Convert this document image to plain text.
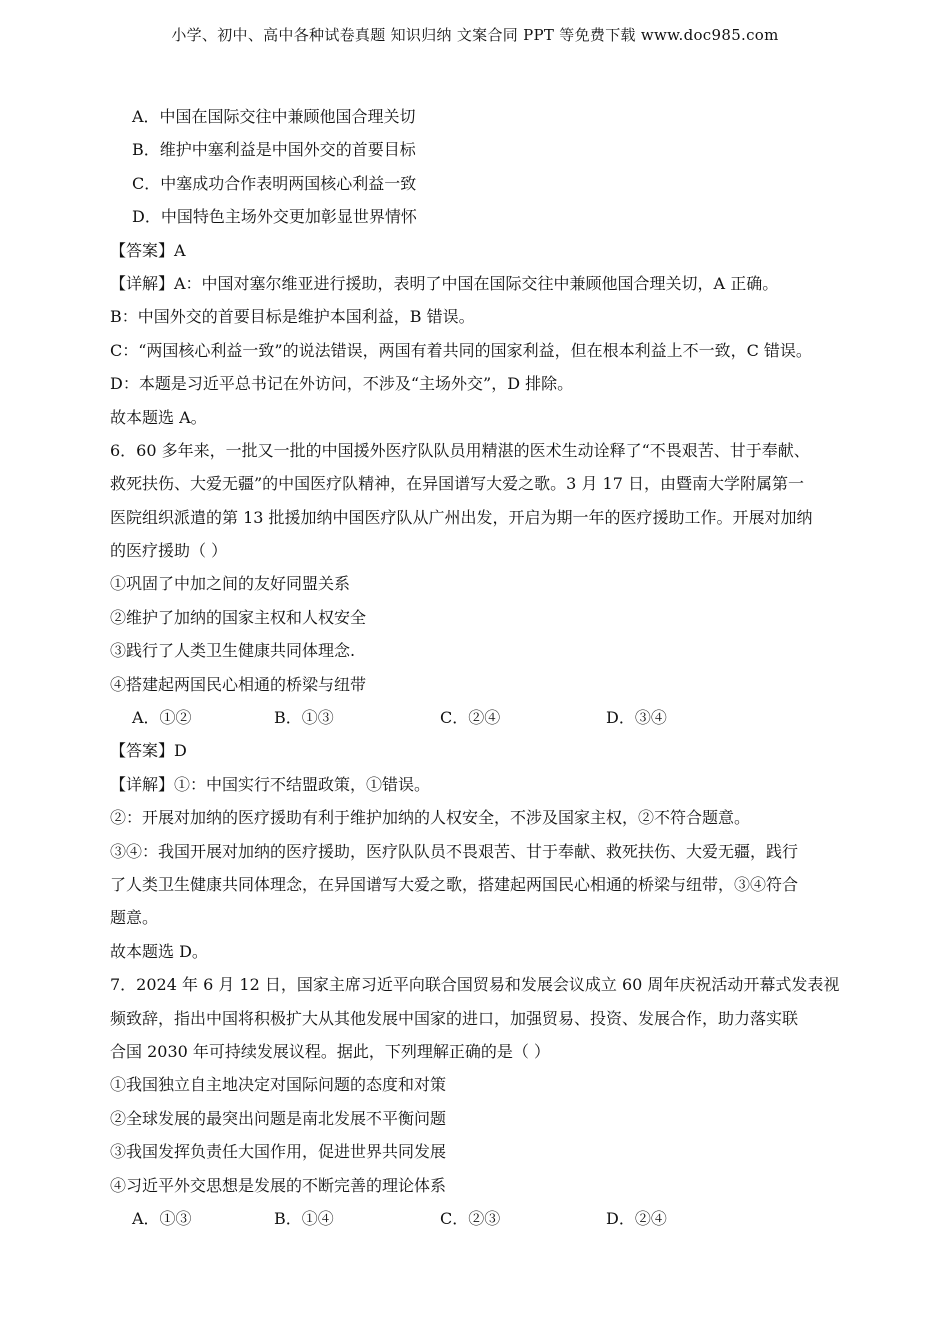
小学、初中、高中各种试卷真题 知识归纳 文案合同 PPT 等免费下载 www.doc985.com
A．中国在国际交往中兼顾他国合理关切
B．维护中塞利益是中国外交的首要目标
C．中塞成功合作表明两国核心利益一致
D．中国特色主场外交更加彰显世界情怀
【答案】A
【详解】A：中国对塞尔维亚进行援助，表明了中国在国际交往中兼顾他国合理关切，A 正确。
B：中国外交的首要目标是维护本国利益，B 错误。
C：“两国核心利益一致”的说法错误，两国有着共同的国家利益，但在根本利益上不一致，C 错误。
D：本题是习近平总书记在外访问，不涉及“主场外交”，D 排除。
故本题选 A。
6．60 多年来，一批又一批的中国援外医疗队队员用精湛的医术生动诠释了“不畏艰苦、甘于奉献、
救死扶伤、大爱无疆”的中国医疗队精神，在异国谱写大爱之歌。3 月 17 日，由暨南大学附属第一
医院组织派遣的第 13 批援加纳中国医疗队从广州出发，开启为期一年的医疗援助工作。开展对加纳
的医疗援助（ ）
①巩固了中加之间的友好同盟关系
②维护了加纳的国家主权和人权安全
③践行了人类卫生健康共同体理念.
④搭建起两国民心相通的桥梁与纽带
A．①②	B．①③	C．②④	D．③④
【答案】D
【详解】①：中国实行不结盟政策，①错误。
②：开展对加纳的医疗援助有利于维护加纳的人权安全，不涉及国家主权，②不符合题意。
③④：我国开展对加纳的医疗援助，医疗队队员不畏艰苦、甘于奉献、救死扶伤、大爱无疆，践行
了人类卫生健康共同体理念，在异国谱写大爱之歌，搭建起两国民心相通的桥梁与纽带，③④符合
题意。
故本题选 D。
7．2024 年 6 月 12 日，国家主席习近平向联合国贸易和发展会议成立 60 周年庆祝活动开幕式发表视
频致辞，指出中国将积极扩大从其他发展中国家的进口，加强贸易、投资、发展合作，助力落实联
合国 2030 年可持续发展议程。据此，下列理解正确的是（ ）
①我国独立自主地决定对国际问题的态度和对策
②全球发展的最突出问题是南北发展不平衡问题
③我国发挥负责任大国作用，促进世界共同发展
④习近平外交思想是发展的不断完善的理论体系
A．①③	B．①④	C．②③	D．②④
